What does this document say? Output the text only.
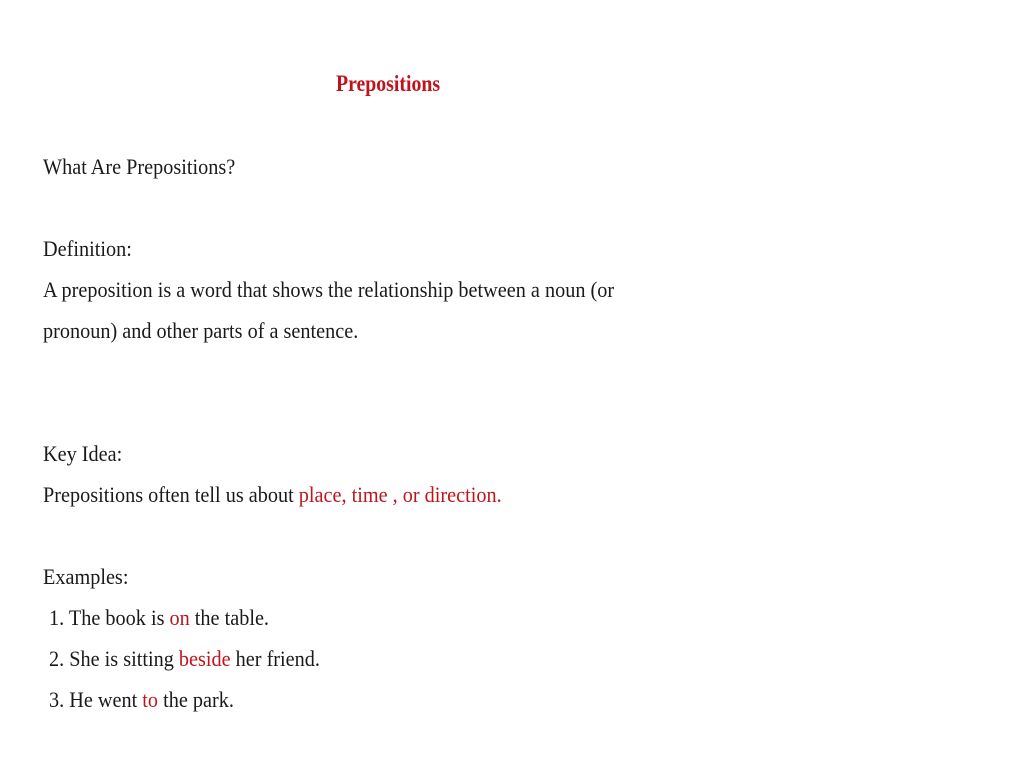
Prepositions
What Are Prepositions?
Definition:
A preposition is a word that shows the relationship between a noun (or
pronoun) and other parts of a sentence.
Key Idea:
Prepositions often tell us about place, time , or direction.
Examples:
1. The book is on the table.
2. She is sitting beside her friend.
3. He went to the park.
